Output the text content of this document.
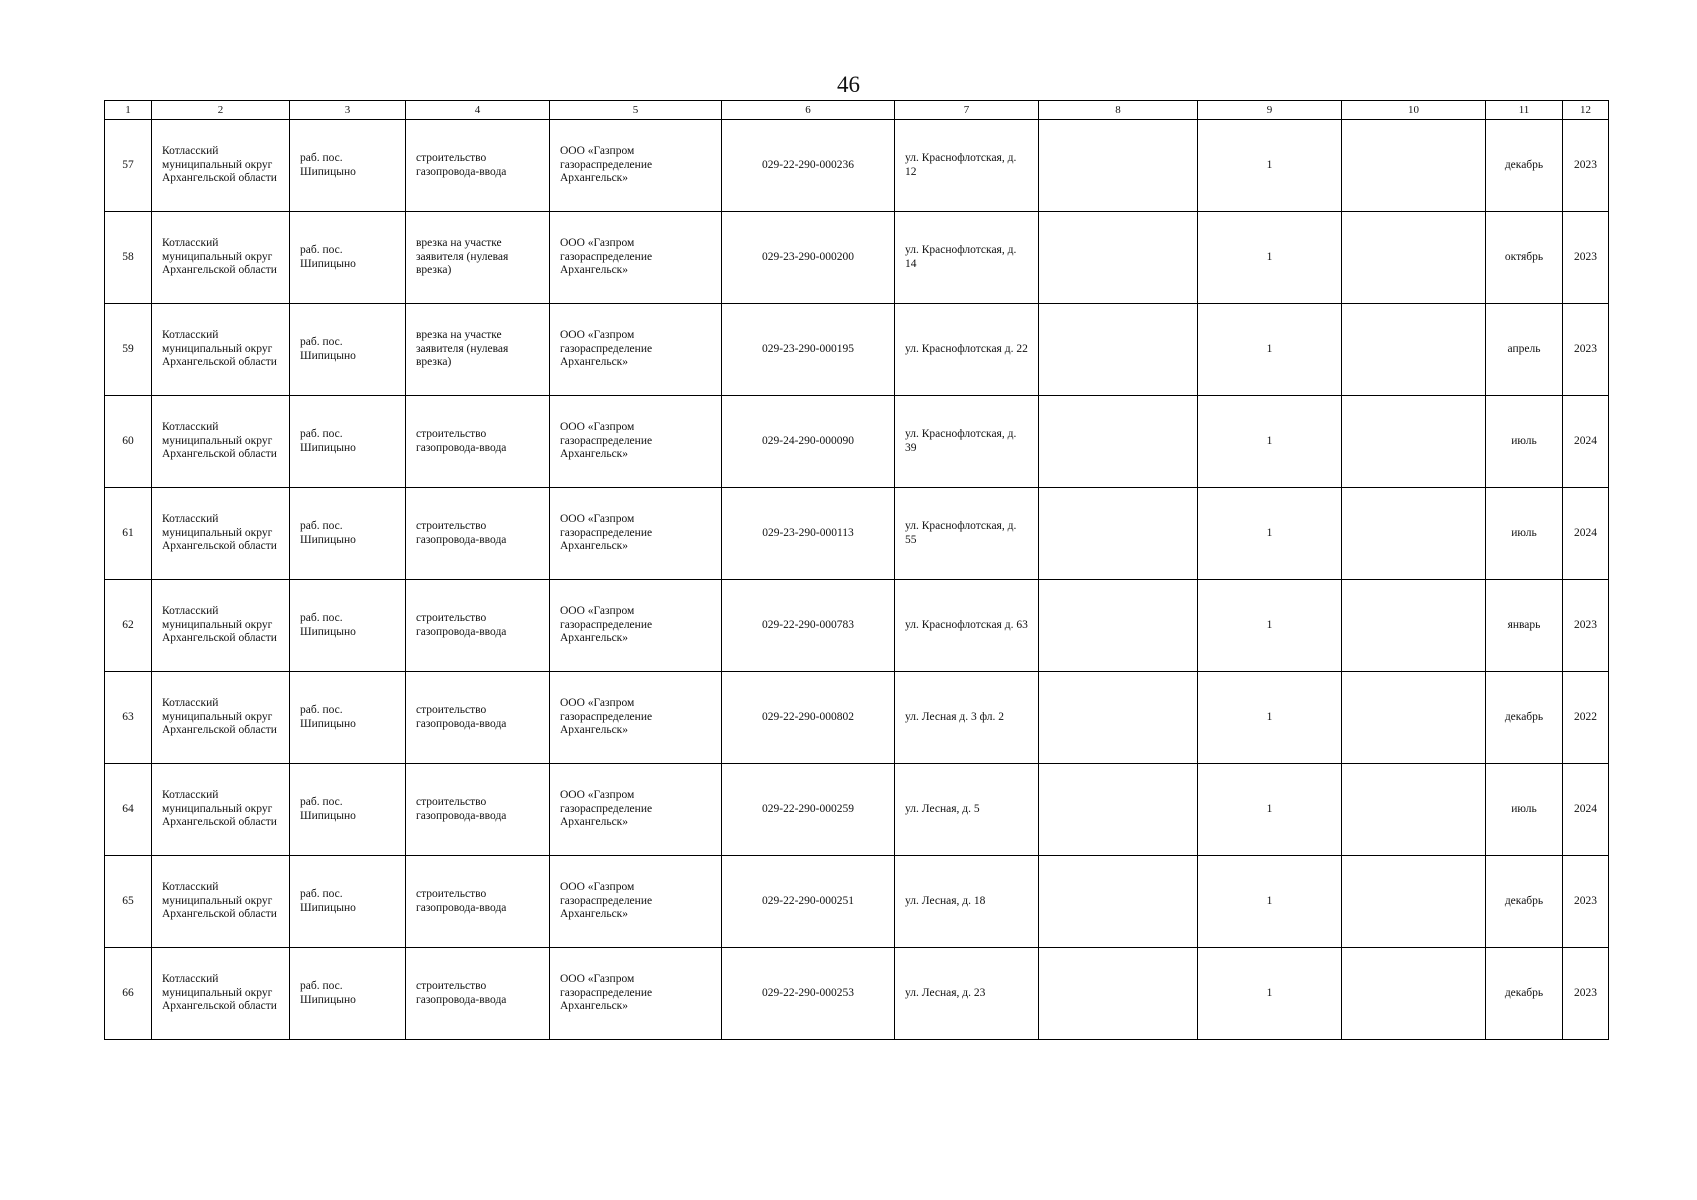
46
1	2	3	4	5	6	7	8	9	10	11	12
57	Котласский муниципальный округ Архангельской области	раб. пос. Шипицыно	строительство газопровода-ввода	ООО «Газпром газораспределение Архангельск»	029-22-290-000236	ул. Краснофлотская, д. 12		1		декабрь	2023
58	Котласский муниципальный округ Архангельской области	раб. пос. Шипицыно	врезка на участке заявителя (нулевая врезка)	ООО «Газпром газораспределение Архангельск»	029-23-290-000200	ул. Краснофлотская, д. 14		1		октябрь	2023
59	Котласский муниципальный округ Архангельской области	раб. пос. Шипицыно	врезка на участке заявителя (нулевая врезка)	ООО «Газпром газораспределение Архангельск»	029-23-290-000195	ул. Краснофлотская д. 22		1		апрель	2023
60	Котласский муниципальный округ Архангельской области	раб. пос. Шипицыно	строительство газопровода-ввода	ООО «Газпром газораспределение Архангельск»	029-24-290-000090	ул. Краснофлотская, д. 39		1		июль	2024
61	Котласский муниципальный округ Архангельской области	раб. пос. Шипицыно	строительство газопровода-ввода	ООО «Газпром газораспределение Архангельск»	029-23-290-000113	ул. Краснофлотская, д. 55		1		июль	2024
62	Котласский муниципальный округ Архангельской области	раб. пос. Шипицыно	строительство газопровода-ввода	ООО «Газпром газораспределение Архангельск»	029-22-290-000783	ул. Краснофлотская д. 63		1		январь	2023
63	Котласский муниципальный округ Архангельской области	раб. пос. Шипицыно	строительство газопровода-ввода	ООО «Газпром газораспределение Архангельск»	029-22-290-000802	ул. Лесная д. 3 фл. 2		1		декабрь	2022
64	Котласский муниципальный округ Архангельской области	раб. пос. Шипицыно	строительство газопровода-ввода	ООО «Газпром газораспределение Архангельск»	029-22-290-000259	ул. Лесная, д. 5		1		июль	2024
65	Котласский муниципальный округ Архангельской области	раб. пос. Шипицыно	строительство газопровода-ввода	ООО «Газпром газораспределение Архангельск»	029-22-290-000251	ул. Лесная, д. 18		1		декабрь	2023
66	Котласский муниципальный округ Архангельской области	раб. пос. Шипицыно	строительство газопровода-ввода	ООО «Газпром газораспределение Архангельск»	029-22-290-000253	ул. Лесная, д. 23		1		декабрь	2023
